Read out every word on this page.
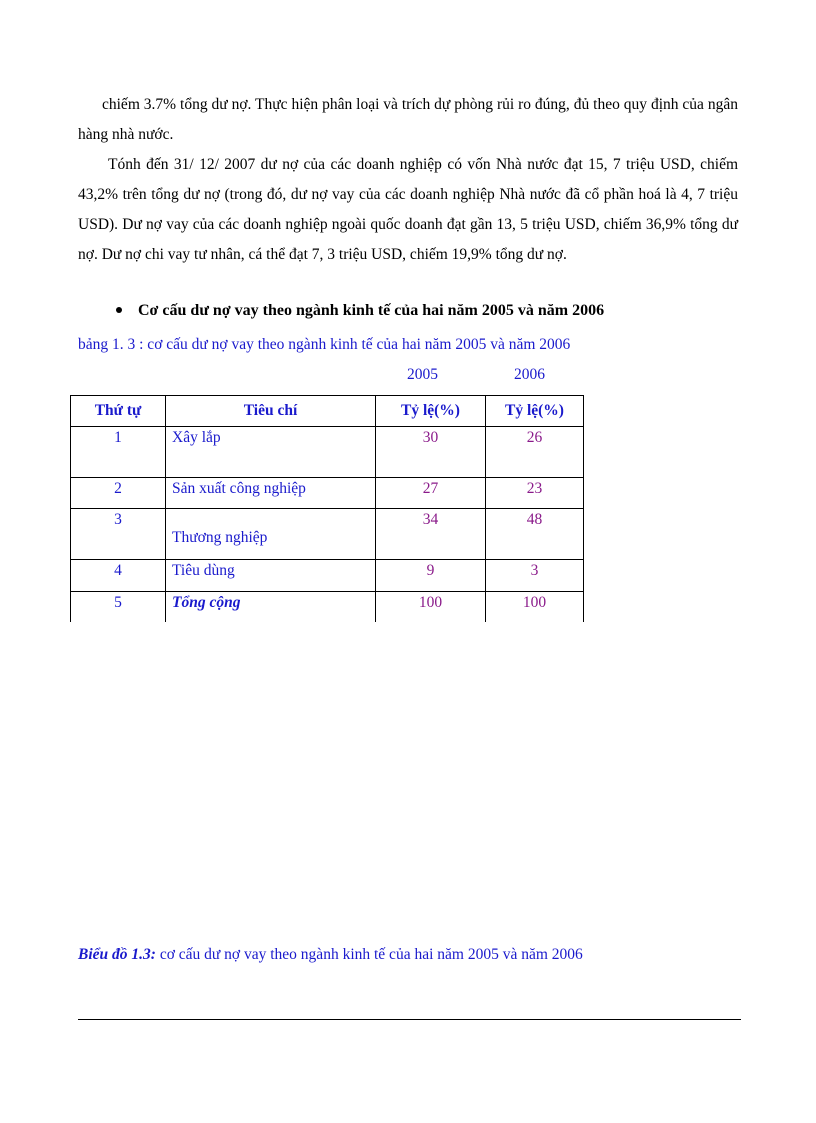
chiếm 3.7% tổng dư nợ. Thực hiện phân loại và trích dự phòng rủi ro đúng, đủ theo quy định của ngân hàng nhà nước.

Tónh đến 31/ 12/ 2007 dư nợ của các doanh nghiệp có vốn Nhà nước đạt 15, 7 triệu USD, chiếm 43,2% trên tổng dư nợ (trong đó, dư nợ vay của các doanh nghiệp Nhà nước đã cổ phần hoá là 4, 7 triệu USD). Dư nợ vay của các doanh nghiệp ngoài quốc doanh đạt gần 13, 5 triệu USD, chiếm 36,9% tổng dư nợ. Dư nợ chi vay tư nhân, cá thể đạt 7, 3 triệu USD, chiếm 19,9% tổng dư nợ.

Cơ cấu dư nợ vay theo ngành kinh tế của hai năm 2005 và năm 2006
bảng 1. 3 : cơ cấu dư nợ vay theo ngành kinh tế của hai năm 2005 và năm 2006
2005	2006
Thứ tự	Tiêu chí	Tỷ lệ(%)	Tỷ lệ(%)
1	Xây lắp	30	26
2	Sản xuất công nghiệp	27	23
3	Thương nghiệp	34	48
4	Tiêu dùng	9	3
5	Tổng cộng	100	100
Biểu đồ 1.3: cơ cấu dư nợ vay theo ngành kinh tế của hai năm 2005 và năm 2006
